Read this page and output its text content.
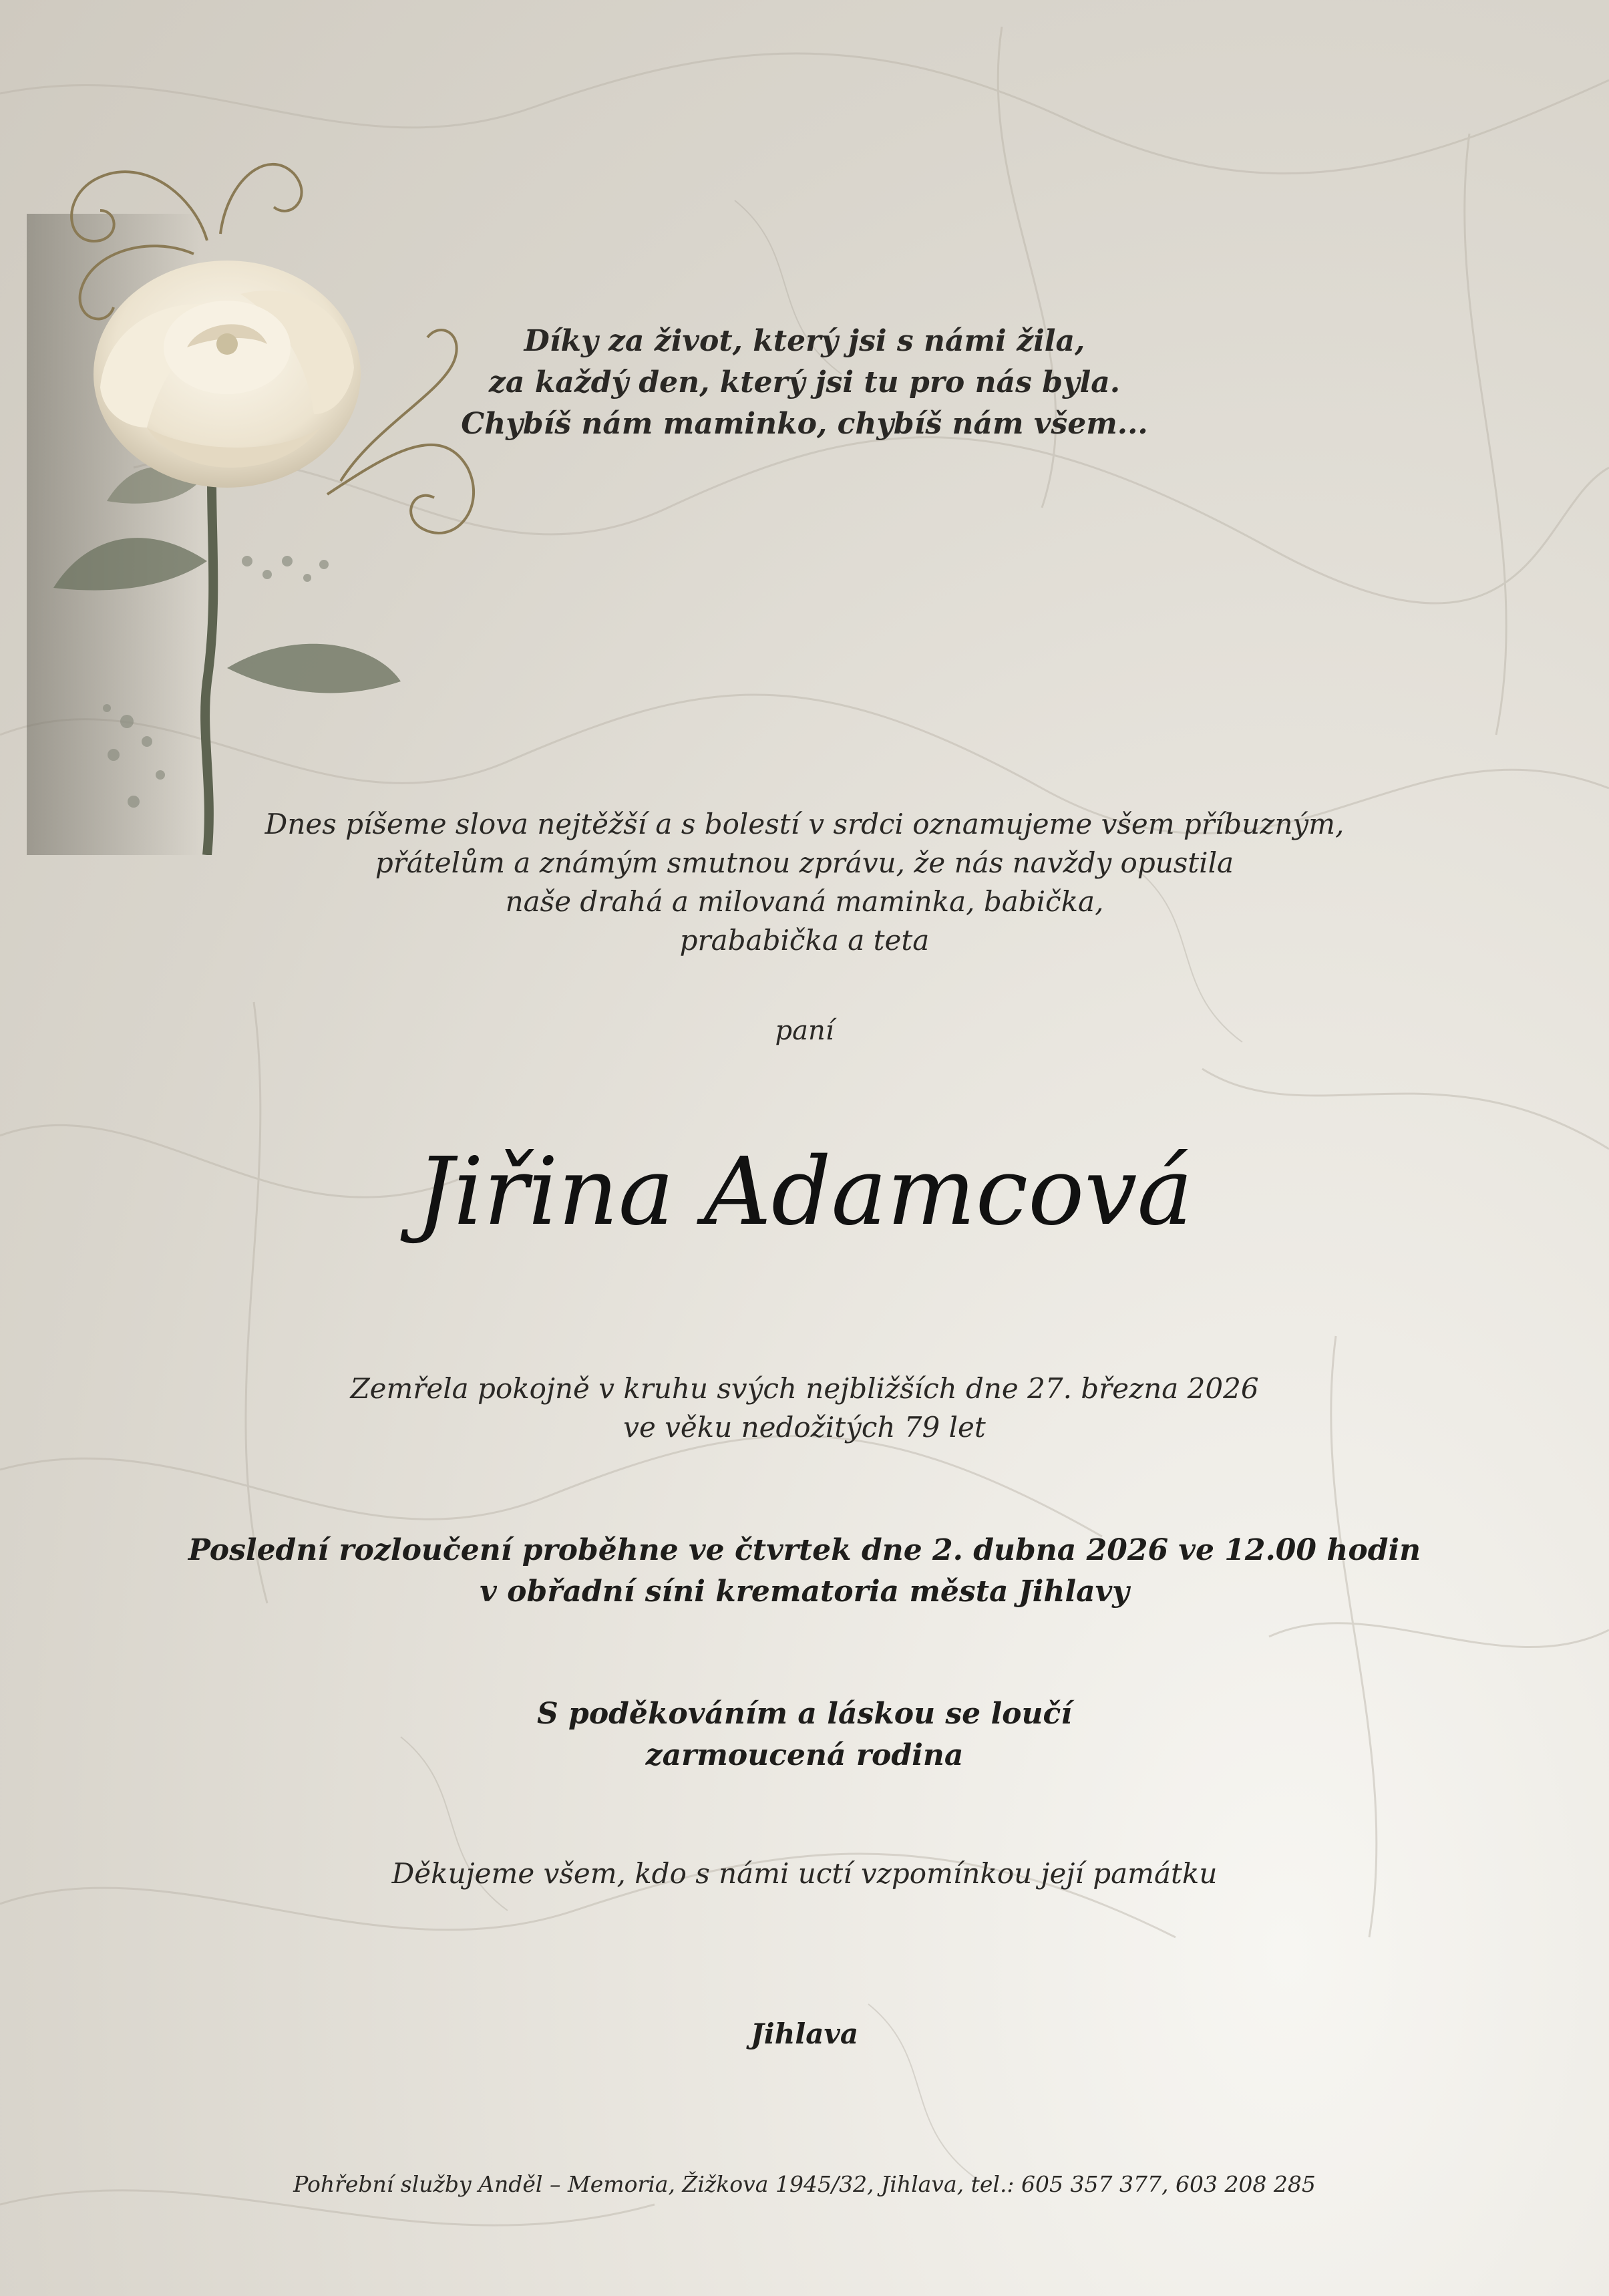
Díky za život, který jsi s námi žila,

za každý den, který jsi tu pro nás byla.

Chybíš nám maminko, chybíš nám všem...

Dnes píšeme slova nejtěžší a s bolestí v srdci oznamujeme všem příbuzným,

přátelům a známým smutnou zprávu, že nás navždy opustila

naše drahá a milovaná maminka, babička,

prababička a teta

paní

Jiřina Adamcová

Zemřela pokojně v kruhu svých nejbližších dne 27. března 2026

ve věku nedožitých 79 let

Poslední rozloučení proběhne ve čtvrtek dne 2. dubna 2026 ve 12.00 hodin

v obřadní síni krematoria města Jihlavy

S poděkováním a láskou se loučí

zarmoucená rodina

Děkujeme všem, kdo s námi uctí vzpomínkou její památku

Jihlava

Pohřební služby Anděl – Memoria, Žižkova 1945/32, Jihlava, tel.: 605 357 377, 603 208 285
